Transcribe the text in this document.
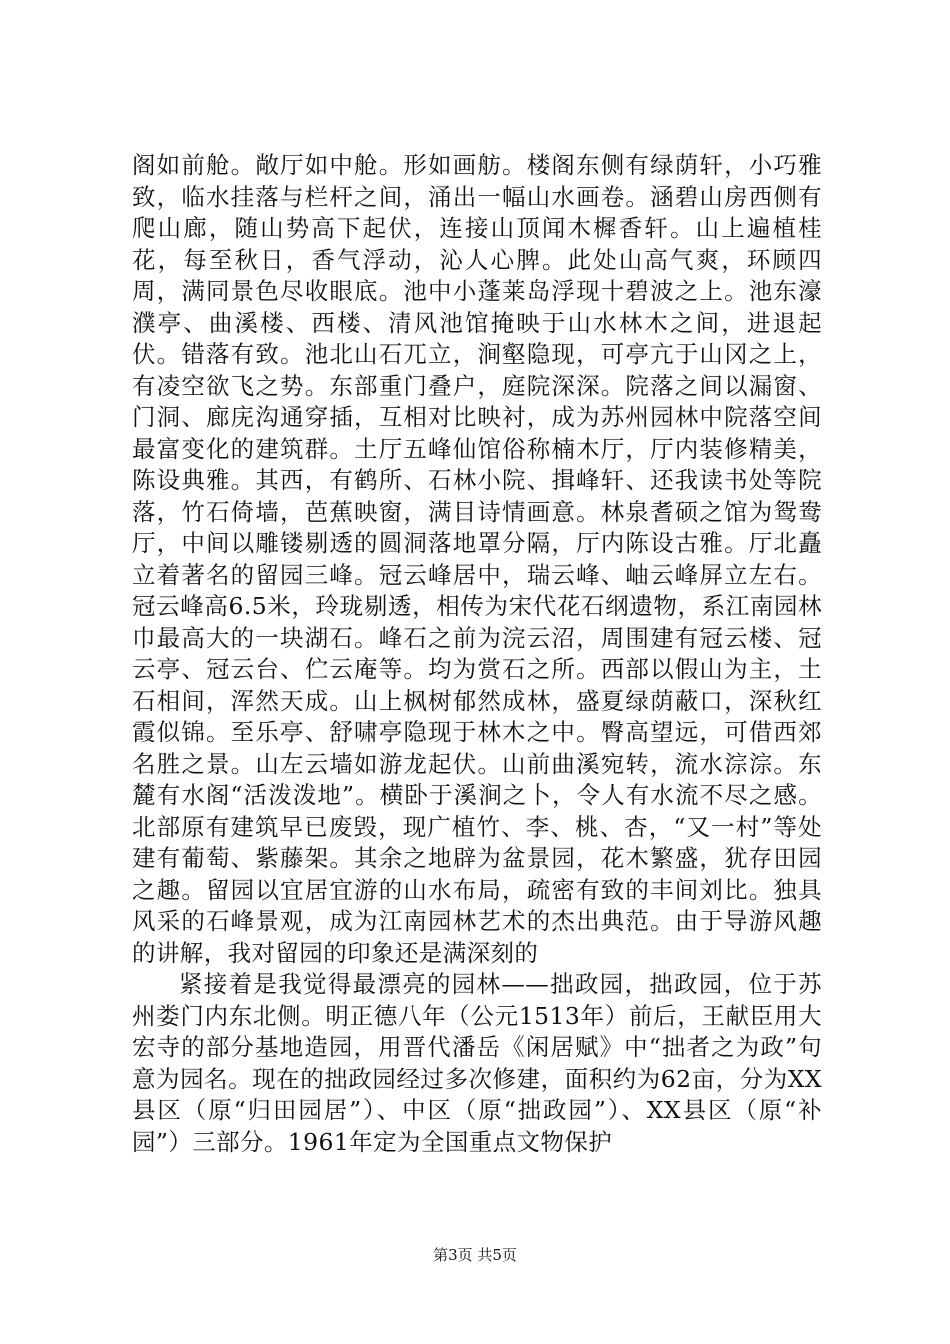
阁如前舱。敞厅如中舱。形如画舫。楼阁东侧有绿荫轩，小巧雅致，临水挂落与栏杆之间，涌出一幅山水画卷。涵碧山房西侧有爬山廊，随山势高下起伏，连接山顶闻木樨香轩。山上遍植桂花，每至秋日，香气浮动，沁人心脾。此处山高气爽，环顾四周，满同景色尽收眼底。池中小蓬莱岛浮现十碧波之上。池东濠濮亭、曲溪楼、西楼、清风池馆掩映于山水林木之间，进退起伏。错落有致。池北山石兀立，涧壑隐现，可亭亢于山冈之上，有凌空欲飞之势。东部重门叠户，庭院深深。院落之间以漏窗、门洞、廊庑沟通穿插，互相对比映衬，成为苏州园林中院落空间最富变化的建筑群。土厅五峰仙馆俗称楠木厅，厅内装修精美，陈设典雅。其西，有鹤所、石林小院、揖峰轩、还我读书处等院落，竹石倚墙，芭蕉映窗，满目诗情画意。林泉耆硕之馆为鸳鸯厅，中间以雕镂剔透的圆洞落地罩分隔，厅内陈设古雅。厅北矗立着著名的留园三峰。冠云峰居中，瑞云峰、岫云峰屏立左右。冠云峰高6.5米，玲珑剔透，相传为宋代花石纲遗物，系江南园林巾最高大的一块湖石。峰石之前为浣云沼，周围建有冠云楼、冠云亭、冠云台、伫云庵等。均为赏石之所。西部以假山为主，土石相间，浑然天成。山上枫树郁然成林，盛夏绿荫蔽口，深秋红霞似锦。至乐亭、舒啸亭隐现于林木之中。臀高望远，可借西郊名胜之景。山左云墙如游龙起伏。山前曲溪宛转，流水淙淙。东麓有水阁“活泼泼地”。横卧于溪涧之卜，令人有水流不尽之感。北部原有建筑早已废毁，现广植竹、李、桃、杏，“又一村”等处建有葡萄、紫藤架。其余之地辟为盆景园，花木繁盛，犹存田园之趣。留园以宜居宜游的山水布局，疏密有致的丰间刘比。独具风采的石峰景观，成为江南园林艺术的杰出典范。由于导游风趣的讲解，我对留园的印象还是满深刻的

紧接着是我觉得最漂亮的园林——拙政园，拙政园，位于苏州娄门内东北侧。明正德八年（公元1513年）前后，王献臣用大宏寺的部分基地造园，用晋代潘岳《闲居赋》中“拙者之为政”句意为园名。现在的拙政园经过多次修建，面积约为62亩，分为XX县区（原“归田园居”）、中区（原“拙政园”）、XX县区（原“补园”）三部分。1961年定为全国重点文物保护

第3页 共5页
